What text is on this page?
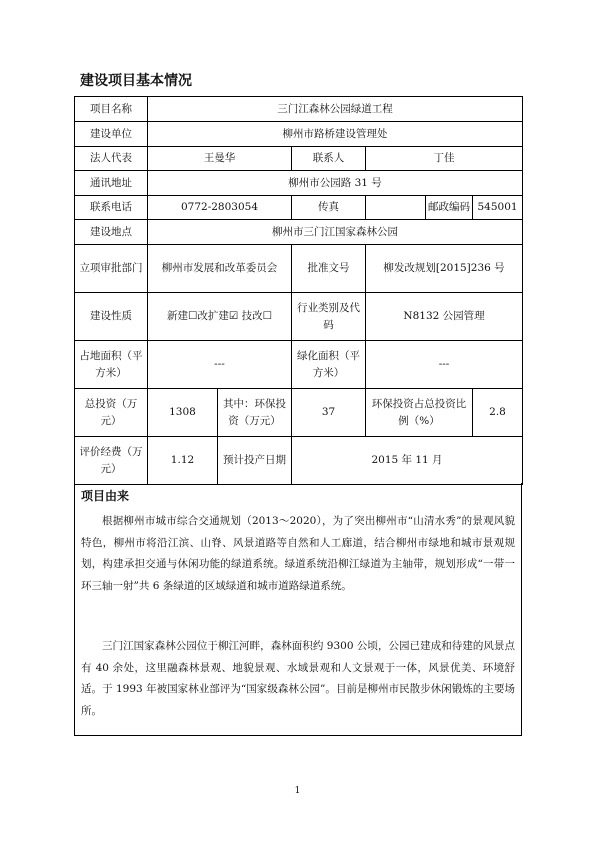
建设项目基本情况
项目名称	三门江森林公园绿道工程					
建设单位	柳州市路桥建设管理处					
法人代表	王曼华		联系人	丁佳		
通讯地址	柳州市公园路 31 号					
联系电话	0772-2803054		传真		邮政编码	545001
建设地点	柳州市三门江国家森林公园					
立项审批部门	柳州市发展和改革委员会		批准文号	柳发改规划[2015]236 号		
建设性质	新建☐改扩建☑ 技改☐		行业类别及代码	N8132 公园管理		
占地面积（平方米）	---		绿化面积（平方米）	---		
总投资（万元）	1308	其中：环保投资（万元）	37	环保投资占总投资比例（%）		2.8
评价经费（万元）	1.12	预计投产日期	2015 年 11 月			
项目由来

根据柳州市城市综合交通规划（2013～2020），为了突出柳州市“山清水秀”的景观风貌特色，柳州市将沿江滨、山脊、风景道路等自然和人工廊道，结合柳州市绿地和城市景观规划，构建承担交通与休闲功能的绿道系统。绿道系统沿柳江绿道为主轴带，规划形成“一带一环三轴一射”共 6 条绿道的区域绿道和城市道路绿道系统。

三门江国家森林公园位于柳江河畔，森林面积约 9300 公顷，公园已建成和待建的风景点有 40 余处，这里融森林景观、地貌景观、水域景观和人文景观于一体，风景优美、环境舒适。于 1993 年被国家林业部评为“国家级森林公园”。目前是柳州市民散步休闲锻炼的主要场所。

1
